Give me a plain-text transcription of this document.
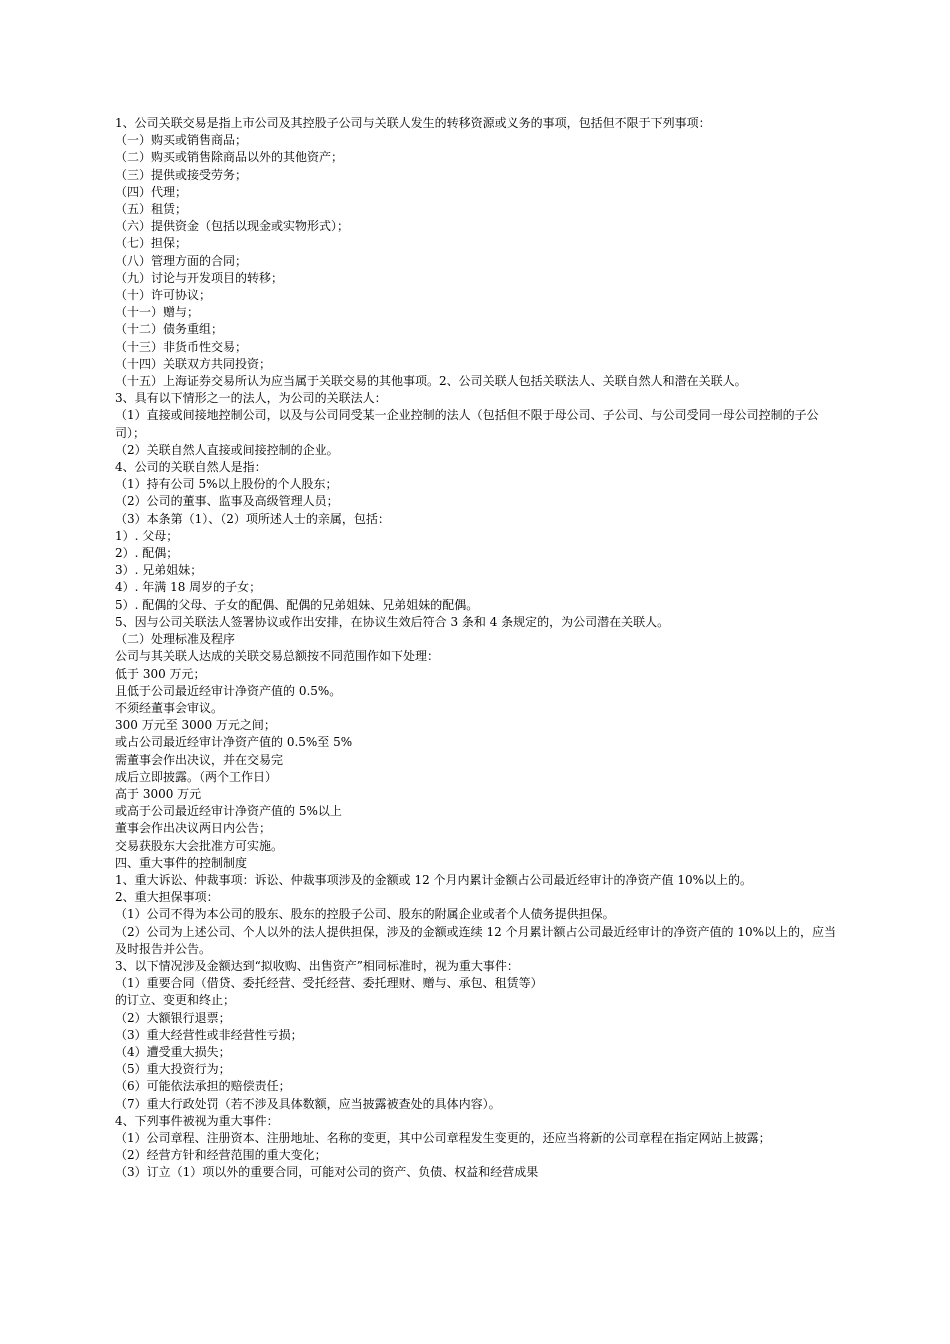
1、公司关联交易是指上市公司及其控股子公司与关联人发生的转移资源或义务的事项，包括但不限于下列事项：

（一）购买或销售商品；

（二）购买或销售除商品以外的其他资产；

（三）提供或接受劳务；

（四）代理；

（五）租赁；

（六）提供资金（包括以现金或实物形式）；

（七）担保；

（八）管理方面的合同；

（九）讨论与开发项目的转移；

（十）许可协议；

（十一）赠与；

（十二）债务重组；

（十三）非货币性交易；

（十四）关联双方共同投资；

（十五）上海证券交易所认为应当属于关联交易的其他事项。2、公司关联人包括关联法人、关联自然人和潜在关联人。

3、具有以下情形之一的法人，为公司的关联法人：

（1）直接或间接地控制公司，以及与公司同受某一企业控制的法人（包括但不限于母公司、子公司、与公司受同一母公司控制的子公司）；

（2）关联自然人直接或间接控制的企业。

4、公司的关联自然人是指：

（1）持有公司 5%以上股份的个人股东；

（2）公司的董事、监事及高级管理人员；

（3）本条第（1）、（2）项所述人士的亲属，包括：

1）. 父母；

2）. 配偶；

3）. 兄弟姐妹；

4）. 年满 18 周岁的子女；

5）. 配偶的父母、子女的配偶、配偶的兄弟姐妹、兄弟姐妹的配偶。

5、因与公司关联法人签署协议或作出安排，在协议生效后符合 3 条和 4 条规定的，为公司潜在关联人。

（二）处理标准及程序

公司与其关联人达成的关联交易总额按不同范围作如下处理：

低于 300 万元；

且低于公司最近经审计净资产值的 0.5%。

不须经董事会审议。

300 万元至 3000 万元之间；

或占公司最近经审计净资产值的 0.5%至 5%

需董事会作出决议，并在交易完

成后立即披露。（两个工作日）

高于 3000 万元

或高于公司最近经审计净资产值的 5%以上

董事会作出决议两日内公告；

交易获股东大会批准方可实施。

四、重大事件的控制制度

1、重大诉讼、仲裁事项：诉讼、仲裁事项涉及的金额或 12 个月内累计金额占公司最近经审计的净资产值 10%以上的。

2、重大担保事项：

（1）公司不得为本公司的股东、股东的控股子公司、股东的附属企业或者个人债务提供担保。

（2）公司为上述公司、个人以外的法人提供担保，涉及的金额或连续 12 个月累计额占公司最近经审计的净资产值的 10%以上的，应当及时报告并公告。

3、以下情况涉及金额达到“拟收购、出售资产”相同标准时，视为重大事件：

（1）重要合同（借贷、委托经营、受托经营、委托理财、赠与、承包、租赁等）

的订立、变更和终止；

（2）大额银行退票；

（3）重大经营性或非经营性亏损；

（4）遭受重大损失；

（5）重大投资行为；

（6）可能依法承担的赔偿责任；

（7）重大行政处罚（若不涉及具体数额，应当披露被查处的具体内容）。

4、下列事件被视为重大事件：

（1）公司章程、注册资本、注册地址、名称的变更，其中公司章程发生变更的，还应当将新的公司章程在指定网站上披露；

（2）经营方针和经营范围的重大变化；

（3）订立（1）项以外的重要合同，可能对公司的资产、负债、权益和经营成果
